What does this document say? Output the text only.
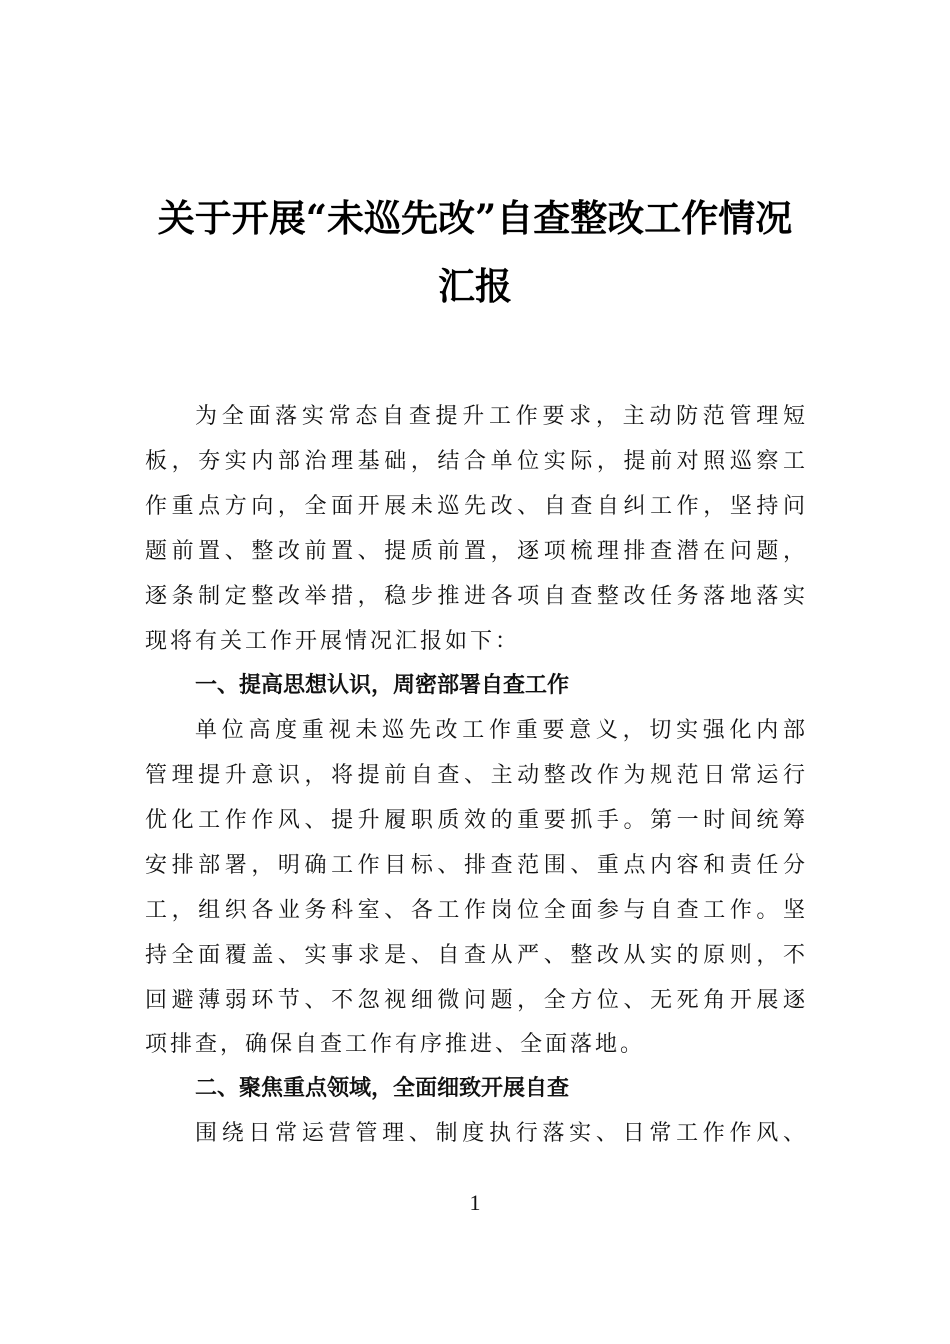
关于开展“未巡先改”自查整改工作情况
汇报
为全面落实常态自查提升工作要求，主动防范管理短
板，夯实内部治理基础，结合单位实际，提前对照巡察工
作重点方向，全面开展未巡先改、自查自纠工作，坚持问
题前置、整改前置、提质前置，逐项梳理排查潜在问题，
逐条制定整改举措，稳步推进各项自查整改任务落地落实
现将有关工作开展情况汇报如下：
一、提高思想认识，周密部署自查工作
单位高度重视未巡先改工作重要意义，切实强化内部
管理提升意识，将提前自查、主动整改作为规范日常运行
优化工作作风、提升履职质效的重要抓手。第一时间统筹
安排部署，明确工作目标、排查范围、重点内容和责任分
工，组织各业务科室、各工作岗位全面参与自查工作。坚
持全面覆盖、实事求是、自查从严、整改从实的原则，不
回避薄弱环节、不忽视细微问题，全方位、无死角开展逐
项排查，确保自查工作有序推进、全面落地。
二、聚焦重点领域，全面细致开展自查
围绕日常运营管理、制度执行落实、日常工作作风、
1
